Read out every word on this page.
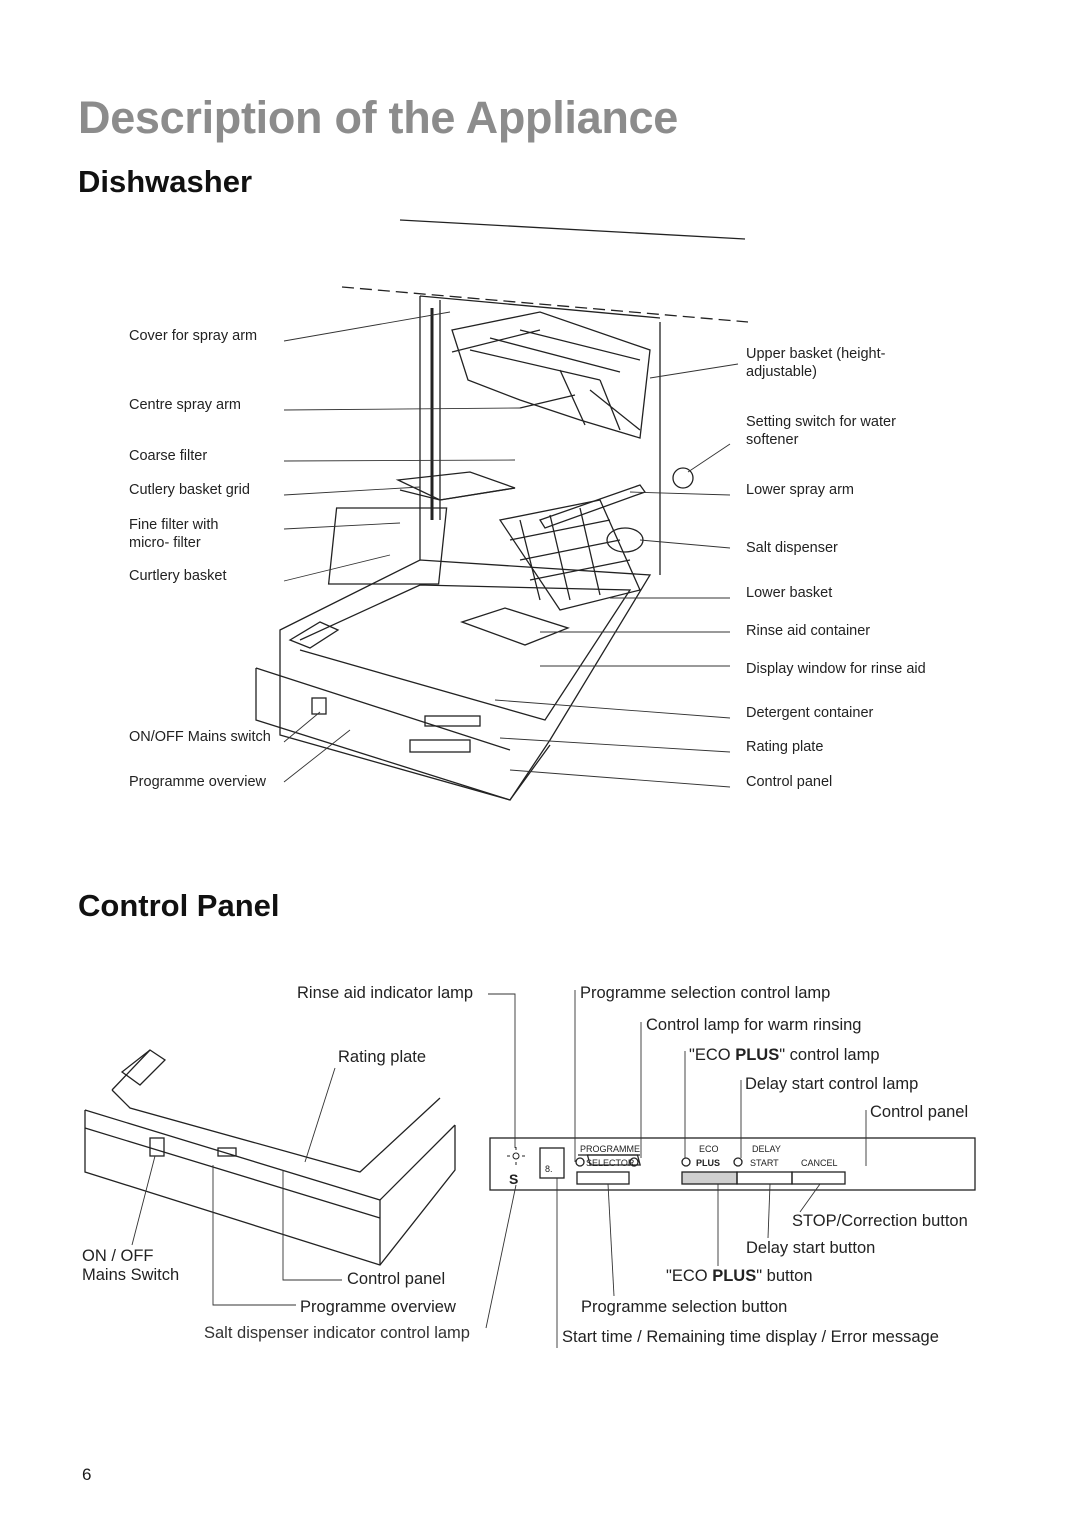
Description of the Appliance
Dishwasher
Control Panel
Cover for spray arm
Centre spray arm
Coarse filter
Cutlery basket grid
Fine filter with micro- filter
Curtlery basket
ON/OFF Mains switch
Programme overview
Upper basket (height-adjustable)
Setting switch for water softener
Lower spray arm
Salt dispenser
Lower basket
Rinse aid container
Display window for rinse aid
Detergent container
Rating plate
Control panel
S
8.
PROGRAMME
SELECTOR
ECO
PLUS
DELAY
START CANCEL
Rinse aid indicator lamp
Rating plate
ON / OFF Mains Switch	Control panel
Programme overview
Salt dispenser indicator control lamp
Programme selection control lamp
Control lamp for warm rinsing
"ECO PLUS" control lamp
Delay start control lamp
Control panel
STOP/Correction button
Delay start button
"ECO PLUS" button
Programme selection button
Start time / Remaining time display / Error message
6
